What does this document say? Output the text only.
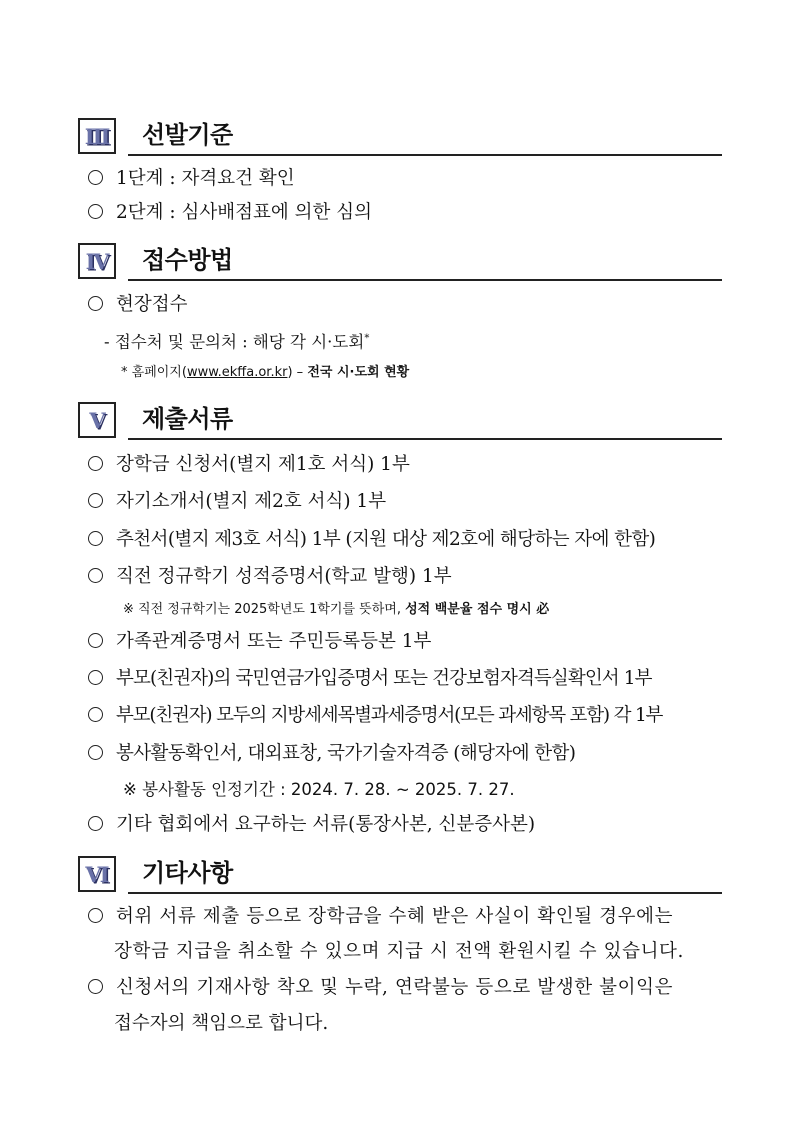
Ⅲ 선발기준
1단계 : 자격요건 확인
2단계 : 심사배점표에 의한 심의
Ⅳ	접수방법
현장접수
- 접수처 및 문의처 : 해당 각 시·도회*
* 홈페이지(www.ekffa.or.kr) – 전국 시·도회 현황
Ⅴ	제출서류
장학금 신청서(별지 제1호 서식) 1부
자기소개서(별지 제2호 서식) 1부
추천서(별지 제3호 서식) 1부 (지원 대상 제2호에 해당하는 자에 한함)
직전 정규학기 성적증명서(학교 발행) 1부
※ 직전 정규학기는 2025학년도 1학기를 뜻하며, 성적 백분율 점수 명시 必
가족관계증명서 또는 주민등록등본 1부
부모(친권자)의 국민연금가입증명서 또는 건강보험자격득실확인서 1부
부모(친권자) 모두의 지방세세목별과세증명서(모든 과세항목 포함) 각 1부
봉사활동확인서, 대외표창, 국가기술자격증 (해당자에 한함)
※ 봉사활동 인정기간 : 2024. 7. 28. ~ 2025. 7. 27.
기타 협회에서 요구하는 서류(통장사본, 신분증사본)
Ⅵ	기타사항
허위 서류 제출 등으로 장학금을 수혜 받은 사실이 확인될 경우에는
장학금 지급을 취소할 수 있으며 지급 시 전액 환원시킬 수 있습니다.
신청서의 기재사항 착오 및 누락, 연락불능 등으로 발생한 불이익은
접수자의 책임으로 합니다.
